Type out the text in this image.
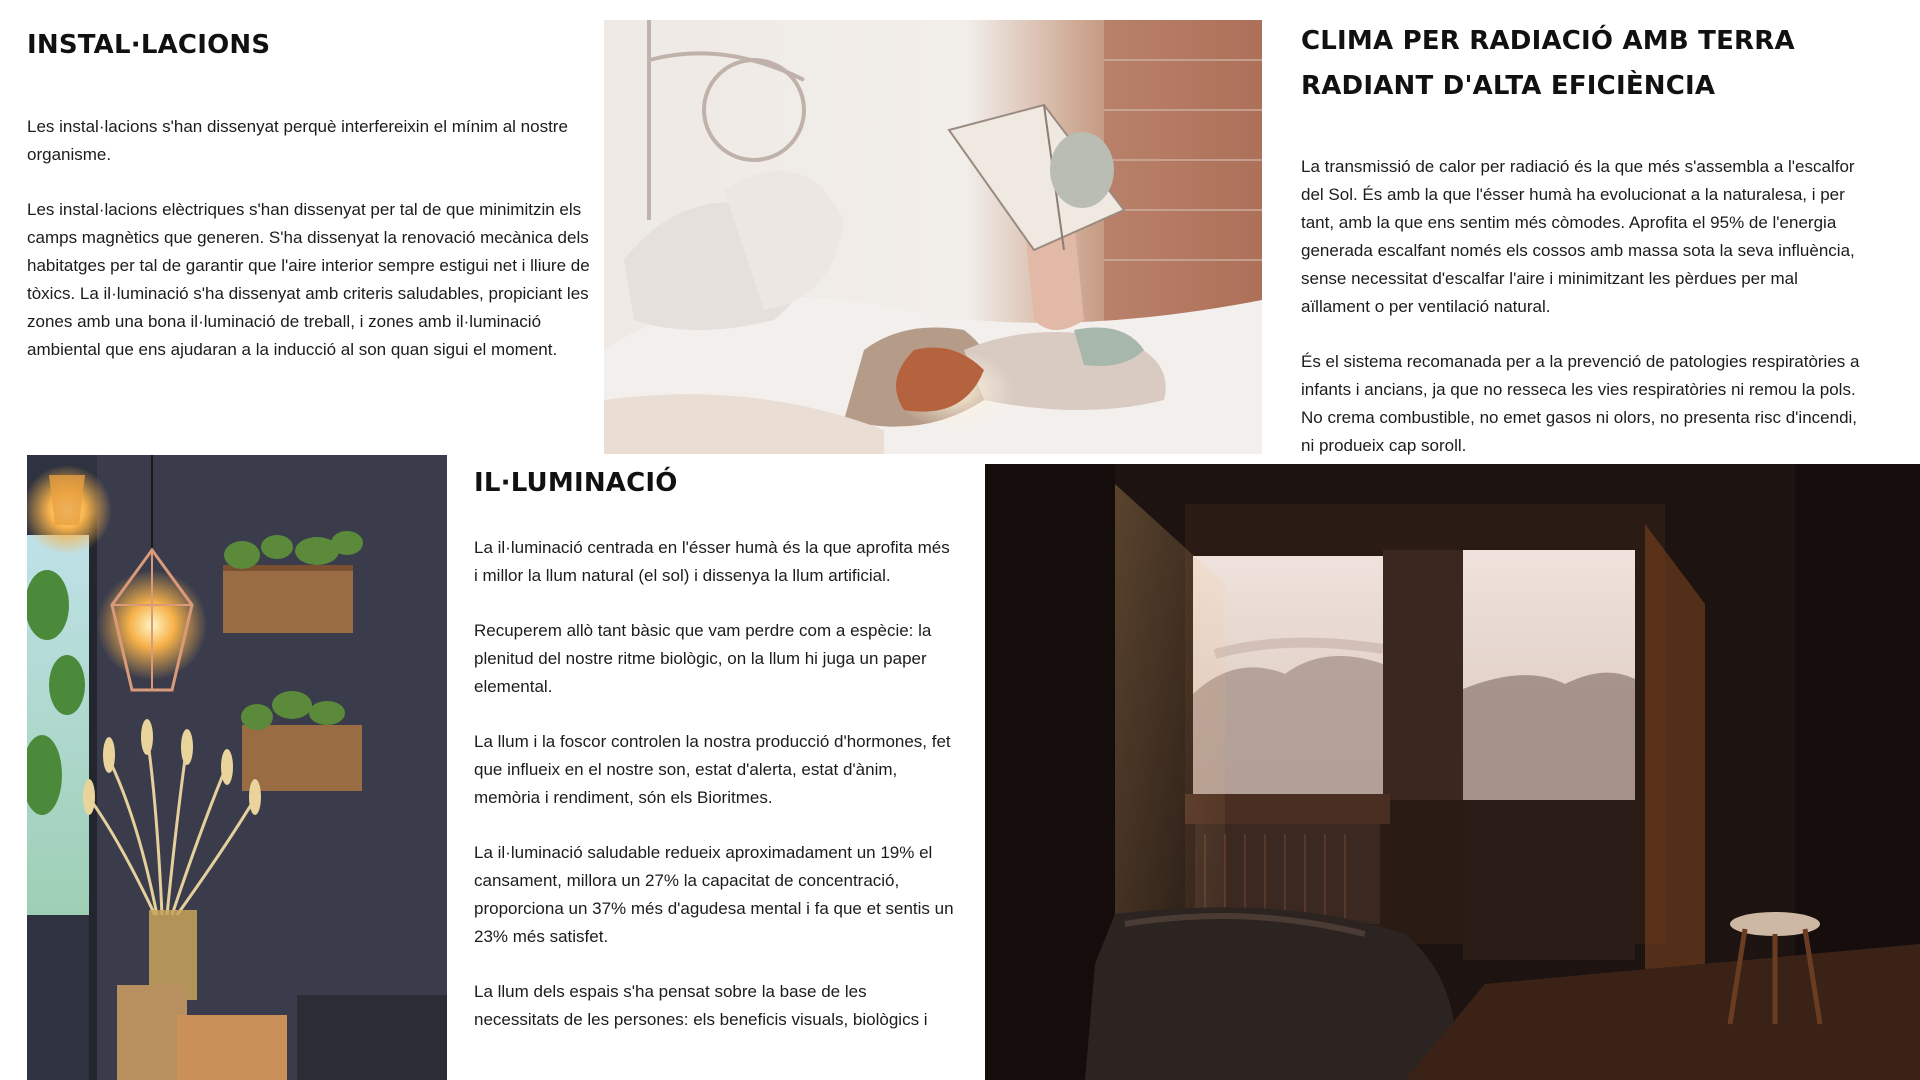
INSTAL·LACIONS

Les instal·lacions s'han dissenyat perquè interfereixin el mínim al nostre organisme.

Les instal·lacions elèctriques s'han dissenyat per tal de que minimitzin els camps magnètics que generen. S'ha dissenyat la renovació mecànica dels habitatges per tal de garantir que l'aire interior sempre estigui net i lliure de tòxics. La il·luminació s'ha dissenyat amb criteris saludables, propiciant les zones amb una bona il·luminació de treball, i zones amb il·luminació ambiental que ens ajudaran a la inducció al son quan sigui el moment.

CLIMA PER RADIACIÓ AMB TERRA
RADIANT D'ALTA EFICIÈNCIA

La transmissió de calor per radiació és la que més s'assembla a l'escalfor del Sol. És amb la que l'ésser humà ha evolucionat a la naturalesa, i per tant, amb la que ens sentim més còmodes. Aprofita el 95% de l'energia generada escalfant només els cossos amb massa sota la seva influència, sense necessitat d'escalfar l'aire i minimitzant les pèrdues per mal aïllament o per ventilació natural.

És el sistema recomanada per a la prevenció de patologies respiratòries a infants i ancians, ja que no resseca les vies respiratòries ni remou la pols. No crema combustible, no emet gasos ni olors, no presenta risc d'incendi, ni produeix cap soroll.

IL·LUMINACIÓ

La il·luminació centrada en l'ésser humà és la que aprofita més i millor la llum natural (el sol) i dissenya la llum artificial.

Recuperem allò tant bàsic que vam perdre com a espècie: la plenitud del nostre ritme biològic, on la llum hi juga un paper elemental.

La llum i la foscor controlen la nostra producció d'hormones, fet que influeix en el nostre son, estat d'alerta, estat d'ànim, memòria i rendiment, són els Bioritmes.

La il·luminació saludable redueix aproximadament un 19% el cansament, millora un 27% la capacitat de concentració, proporciona un 37% més d'agudesa mental i fa que et sentis un 23% més satisfet.

La llum dels espais s'ha pensat sobre la base de les necessitats de les persones: els beneficis visuals, biològics i
